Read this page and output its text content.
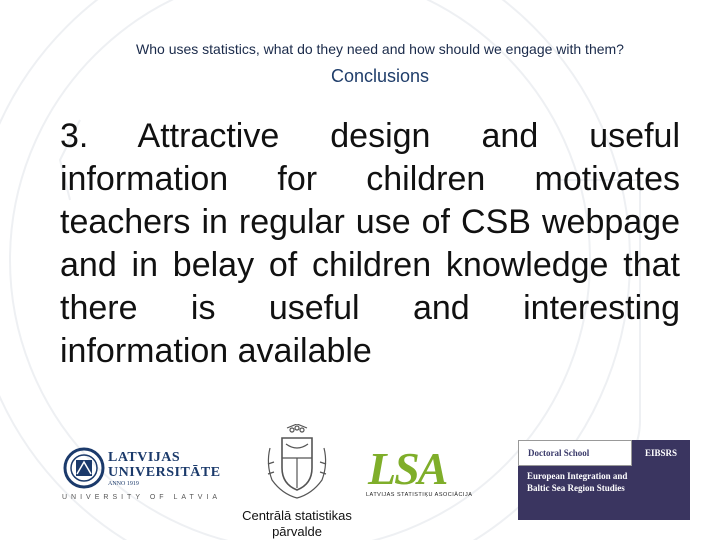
Who uses statistics, what do they need and how should we engage with them?
Conclusions
3. Attractive design and useful information for children motivates teachers in regular use of CSB webpage and in belay of children knowledge that there is useful and interesting information available
LATVIJAS
UNIVERSITĀTE
ANNO 1919
UNIVERSITY OF LATVIA
Centrālā statistikas
pārvalde
LSA
LATVIJAS STATISTIĶU ASOCIĀCIJA
Doctoral School	EIBSRS
European Integration and
Baltic Sea Region Studies
